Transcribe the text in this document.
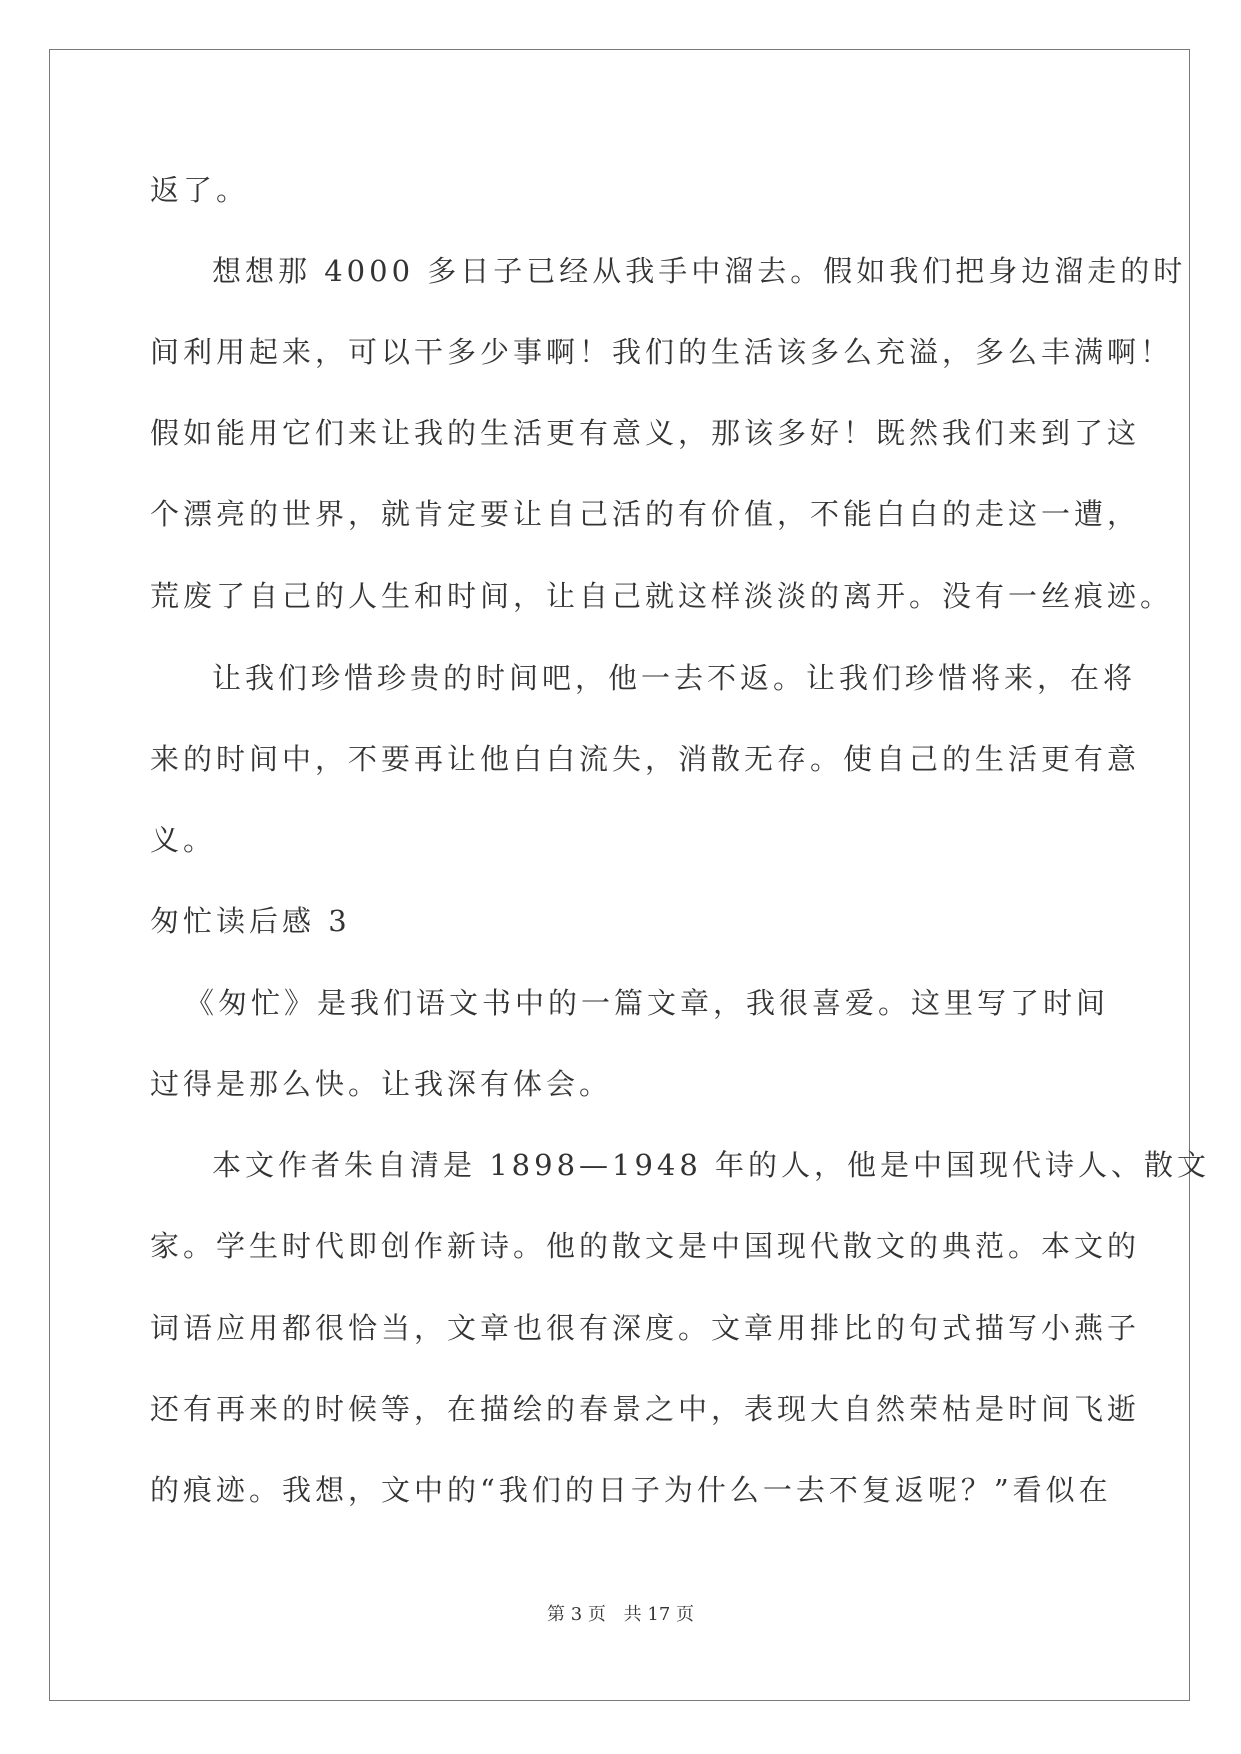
返了。
想想那 4000 多日子已经从我手中溜去。假如我们把身边溜走的时
间利用起来，可以干多少事啊！我们的生活该多么充溢，多么丰满啊！
假如能用它们来让我的生活更有意义，那该多好！既然我们来到了这
个漂亮的世界，就肯定要让自己活的有价值，不能白白的走这一遭，
荒废了自己的人生和时间，让自己就这样淡淡的离开。没有一丝痕迹。
让我们珍惜珍贵的时间吧，他一去不返。让我们珍惜将来，在将
来的时间中，不要再让他白白流失，消散无存。使自己的生活更有意
义。
匆忙读后感 3
《匆忙》是我们语文书中的一篇文章，我很喜爱。这里写了时间
过得是那么快。让我深有体会。
本文作者朱自清是 1898—1948 年的人，他是中国现代诗人、散文
家。学生时代即创作新诗。他的散文是中国现代散文的典范。本文的
词语应用都很恰当，文章也很有深度。文章用排比的句式描写小燕子
还有再来的时候等，在描绘的春景之中，表现大自然荣枯是时间飞逝
的痕迹。我想，文中的“我们的日子为什么一去不复返呢？”看似在
第 3 页 共 17 页
